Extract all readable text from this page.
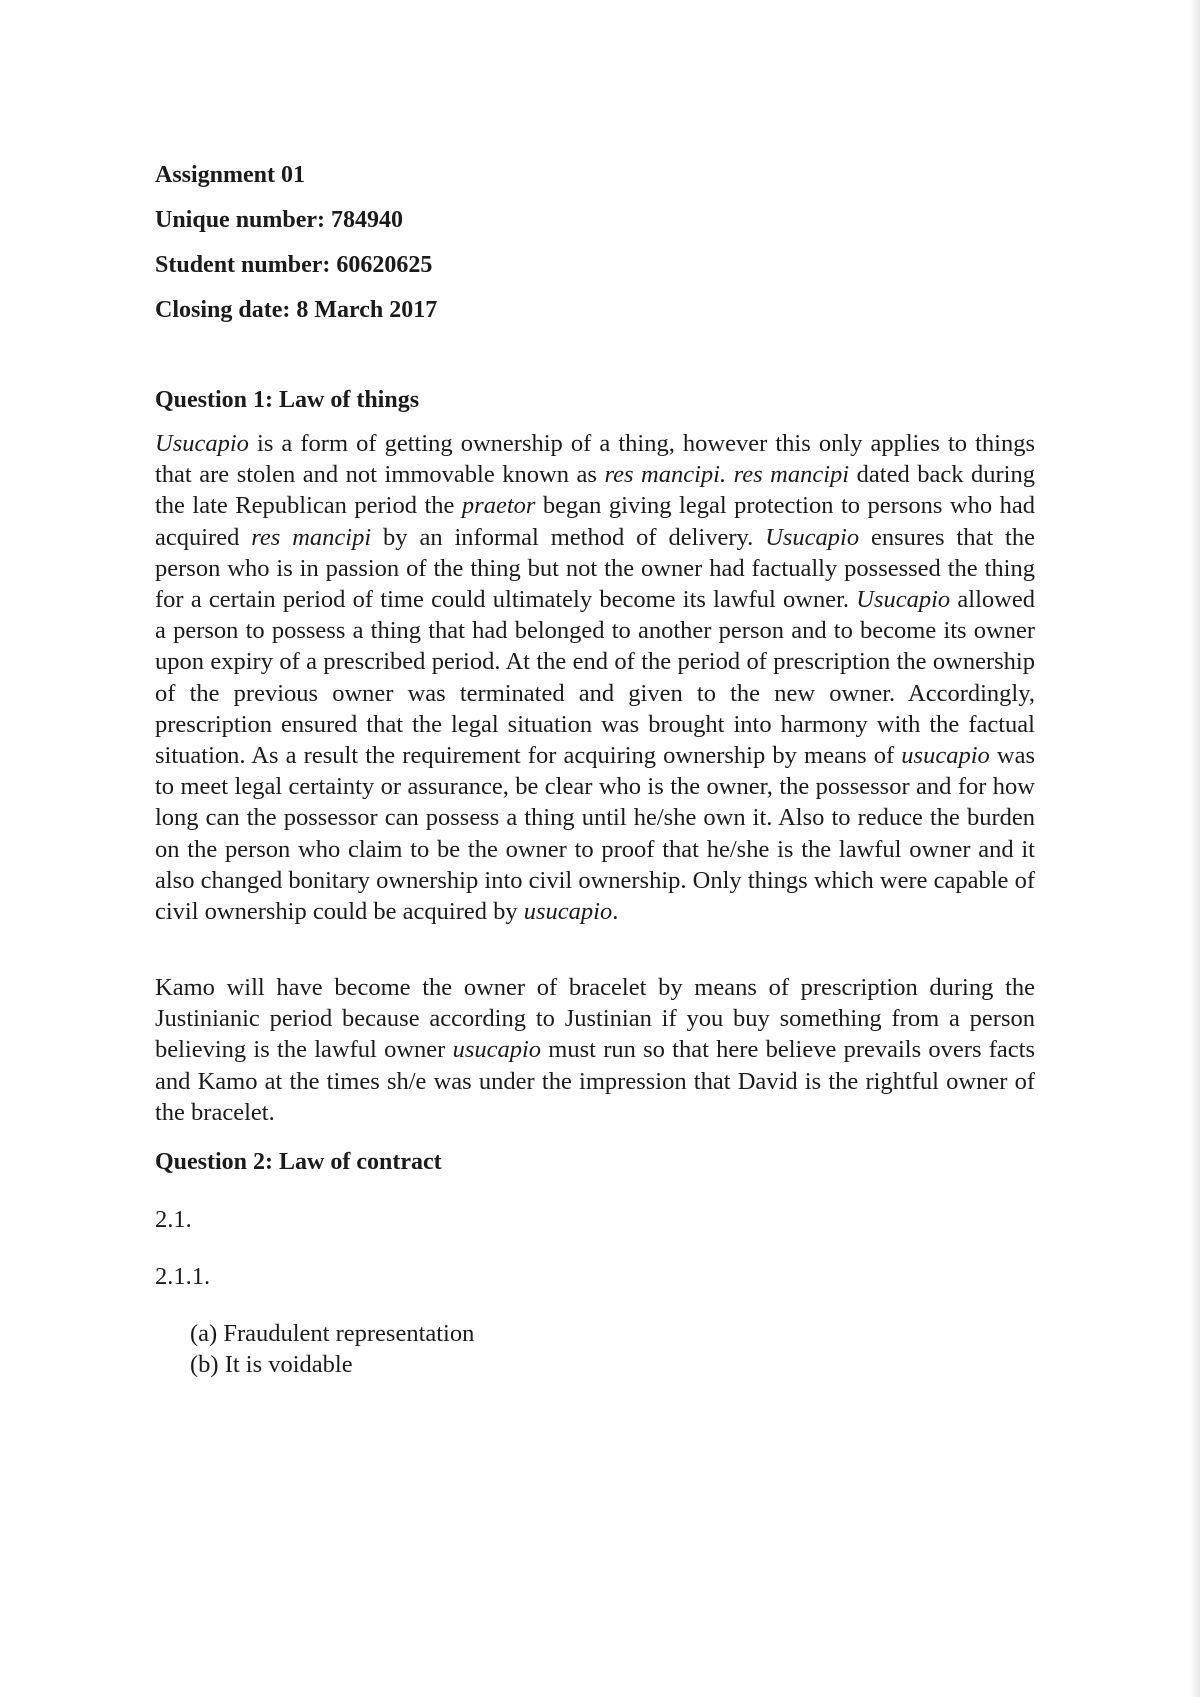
Assignment 01
Unique number: 784940
Student number: 60620625
Closing date: 8 March 2017
Question 1: Law of things

Usucapio is a form of getting ownership of a thing, however this only applies to things that are stolen and not immovable known as res mancipi. res mancipi dated back during the late Republican period the praetor began giving legal protection to persons who had acquired res mancipi by an informal method of delivery. Usucapio ensures that the person who is in passion of the thing but not the owner had factually possessed the thing for a certain period of time could ultimately become its lawful owner. Usucapio allowed a person to possess a thing that had belonged to another person and to become its owner upon expiry of a prescribed period. At the end of the period of prescription the ownership of the previous owner was terminated and given to the new owner. Accordingly, prescription ensured that the legal situation was brought into harmony with the factual situation. As a result the requirement for acquiring ownership by means of usucapio was to meet legal certainty or assurance, be clear who is the owner, the possessor and for how long can the possessor can possess a thing until he/she own it. Also to reduce the burden on the person who claim to be the owner to proof that he/she is the lawful owner and it also changed bonitary ownership into civil ownership. Only things which were capable of civil ownership could be acquired by usucapio.

Kamo will have become the owner of bracelet by means of prescription during the Justinianic period because according to Justinian if you buy something from a person believing is the lawful owner usucapio must run so that here believe prevails overs facts and Kamo at the times sh/e was under the impression that David is the rightful owner of the bracelet.

Question 2: Law of contract
2.1.
2.1.1.
(a) Fraudulent representation
(b) It is voidable
